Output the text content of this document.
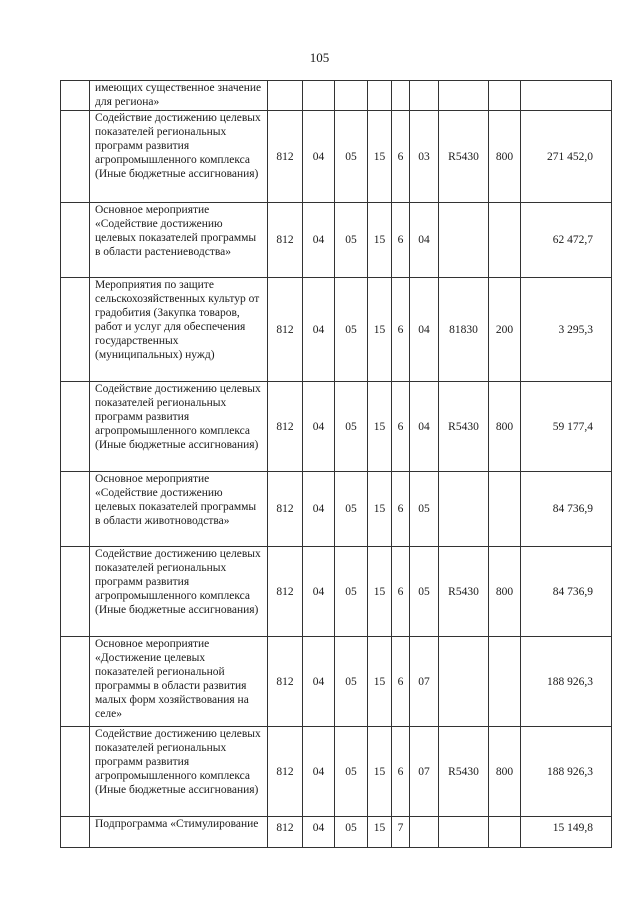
105
	имеющих существенное значение для региона»									
	Содействие достижению целевых показателей региональных программ развития агропромышленного комплекса (Иные бюджетные ассигнования)	812	04	05	15	6	03	R5430	800	271 452,0
	Основное мероприятие «Содействие достижению целевых показателей программы в области растениеводства»	812	04	05	15	6	04			62 472,7
	Мероприятия по защите сельскохозяйственных культур от градобития (Закупка товаров, работ и услуг для обеспечения государственных (муниципальных) нужд)	812	04	05	15	6	04	81830	200	3 295,3
	Содействие достижению целевых показателей региональных программ развития агропромышленного комплекса (Иные бюджетные ассигнования)	812	04	05	15	6	04	R5430	800	59 177,4
	Основное мероприятие «Содействие достижению целевых показателей программы в области животноводства»	812	04	05	15	6	05			84 736,9
	Содействие достижению целевых показателей региональных программ развития агропромышленного комплекса (Иные бюджетные ассигнования)	812	04	05	15	6	05	R5430	800	84 736,9
	Основное мероприятие «Достижение целевых показателей региональной программы в области развития малых форм хозяйствования на селе»	812	04	05	15	6	07			188 926,3
	Содействие достижению целевых показателей региональных программ развития агропромышленного комплекса (Иные бюджетные ассигнования)	812	04	05	15	6	07	R5430	800	188 926,3
	Подпрограмма «Стимулирование	812	04	05	15	7				15 149,8
